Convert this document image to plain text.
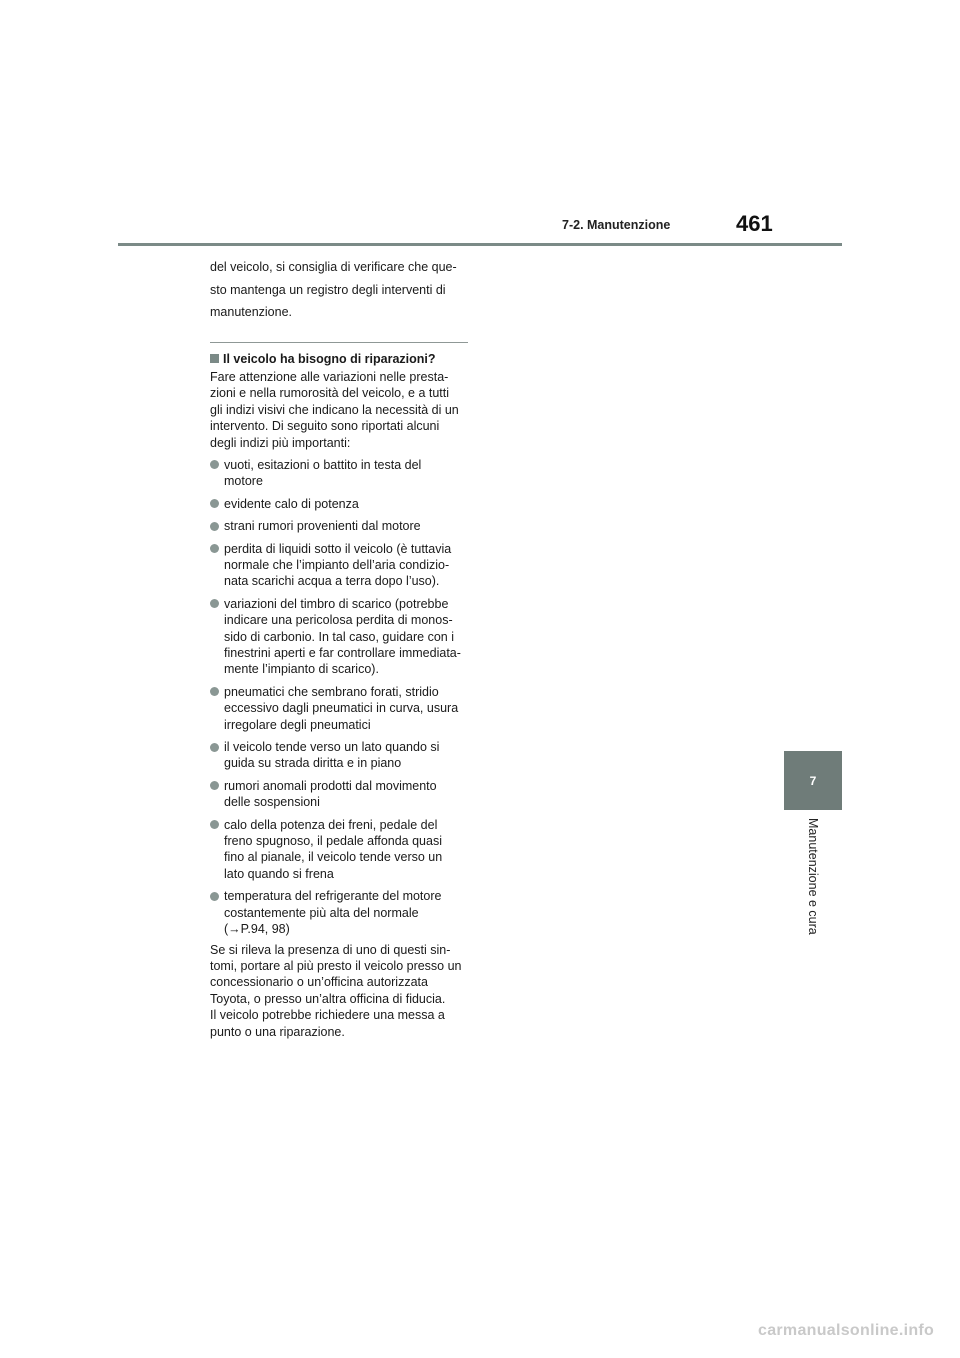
7-2. Manutenzione	461
7
Manutenzione e cura

del veicolo, si consiglia di verificare che que-

sto mantenga un registro degli interventi di

manutenzione.

Il veicolo ha bisogno di riparazioni?

Fare attenzione alle variazioni nelle presta-
zioni e nella rumorosità del veicolo, e a tutti
gli indizi visivi che indicano la necessità di un
intervento. Di seguito sono riportati alcuni
degli indizi più importanti:

vuoti, esitazioni o battito in testa del
motore
evidente calo di potenza
strani rumori provenienti dal motore
perdita di liquidi sotto il veicolo (è tuttavia
normale che l’impianto dell’aria condizio-
nata scarichi acqua a terra dopo l’uso).
variazioni del timbro di scarico (potrebbe
indicare una pericolosa perdita di monos-
sido di carbonio. In tal caso, guidare con i
finestrini aperti e far controllare immediata-
mente l’impianto di scarico).
pneumatici che sembrano forati, stridio
eccessivo dagli pneumatici in curva, usura
irregolare degli pneumatici
il veicolo tende verso un lato quando si
guida su strada diritta e in piano
rumori anomali prodotti dal movimento
delle sospensioni
calo della potenza dei freni, pedale del
freno spugnoso, il pedale affonda quasi
fino al pianale, il veicolo tende verso un
lato quando si frena
temperatura del refrigerante del motore
costantemente più alta del normale
(→P.94, 98)

Se si rileva la presenza di uno di questi sin-
tomi, portare al più presto il veicolo presso un
concessionario o un’officina autorizzata
Toyota, o presso un’altra officina di fiducia.

Il veicolo potrebbe richiedere una messa a
punto o una riparazione.

carmanualsonline.info
